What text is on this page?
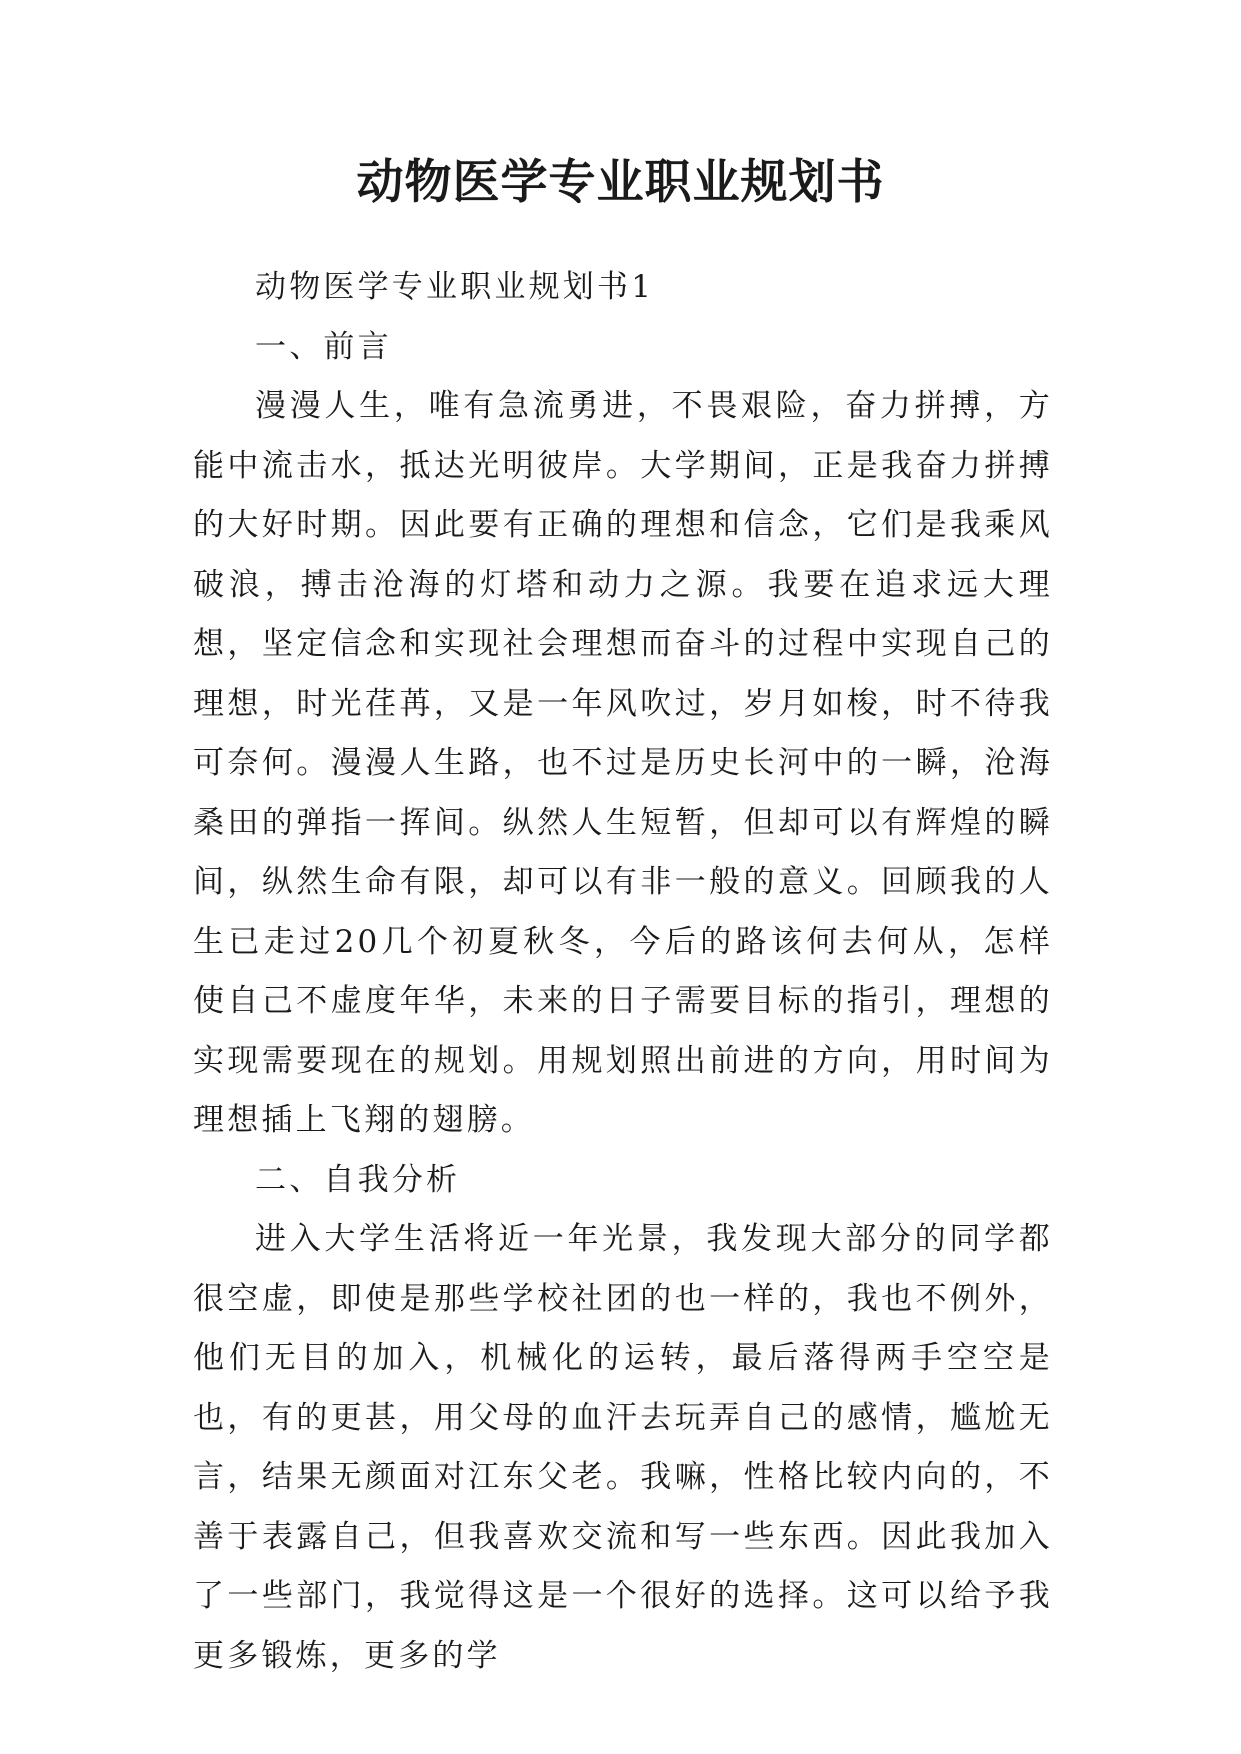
动物医学专业职业规划书

动物医学专业职业规划书1

一、前言

漫漫人生，唯有急流勇进，不畏艰险，奋力拼搏，方能中流击水，抵达光明彼岸。大学期间，正是我奋力拼搏的大好时期。因此要有正确的理想和信念，它们是我乘风破浪，搏击沧海的灯塔和动力之源。我要在追求远大理想，坚定信念和实现社会理想而奋斗的过程中实现自己的理想，时光荏苒，又是一年风吹过，岁月如梭，时不待我可奈何。漫漫人生路，也不过是历史长河中的一瞬，沧海桑田的弹指一挥间。纵然人生短暂，但却可以有辉煌的瞬间，纵然生命有限，却可以有非一般的意义。回顾我的人生已走过20几个初夏秋冬，今后的路该何去何从，怎样使自己不虚度年华，未来的日子需要目标的指引，理想的实现需要现在的规划。用规划照出前进的方向，用时间为理想插上飞翔的翅膀。

二、自我分析

进入大学生活将近一年光景，我发现大部分的同学都很空虚，即使是那些学校社团的也一样的，我也不例外，他们无目的加入，机械化的运转，最后落得两手空空是也，有的更甚，用父母的血汗去玩弄自己的感情，尴尬无言，结果无颜面对江东父老。我嘛，性格比较内向的，不善于表露自己，但我喜欢交流和写一些东西。因此我加入了一些部门，我觉得这是一个很好的选择。这可以给予我更多锻炼，更多的学
